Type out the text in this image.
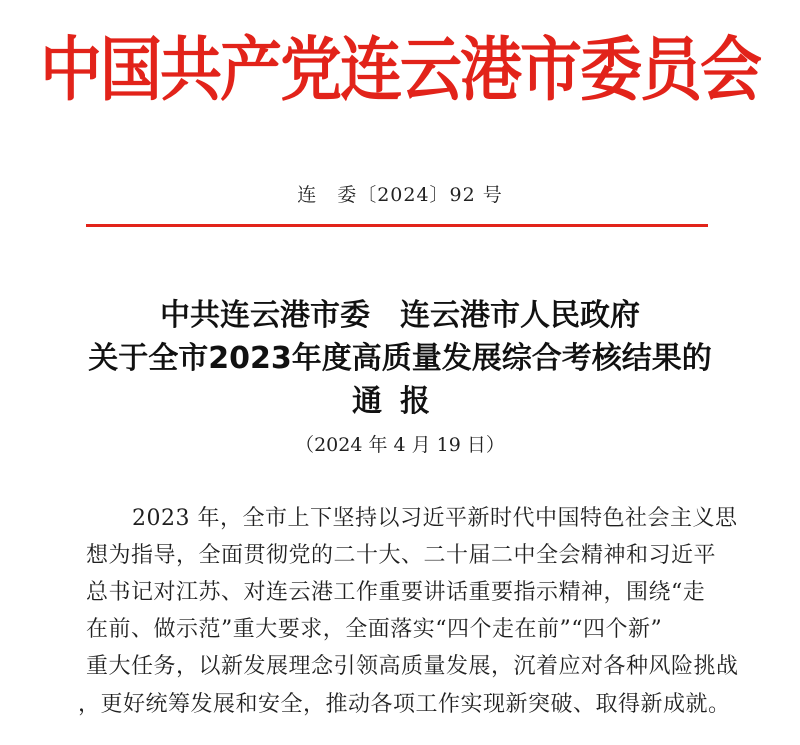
中国共产党连云港市委员会
连　委〔2024〕92 号
中共连云港市委　连云港市人民政府
关于全市2023年度高质量发展综合考核结果的
通报
（2024 年 4 月 19 日）
2023 年，全市上下坚持以习近平新时代中国特色社会主义思
想为指导，全面贯彻党的二十大、二十届二中全会精神和习近平
总书记对江苏、对连云港工作重要讲话重要指示精神，围绕“走
在前、做示范”重大要求，全面落实“四个走在前”“四个新”
重大任务，以新发展理念引领高质量发展，沉着应对各种风险挑战
，更好统筹发展和安全，推动各项工作实现新突破、取得新成就。
